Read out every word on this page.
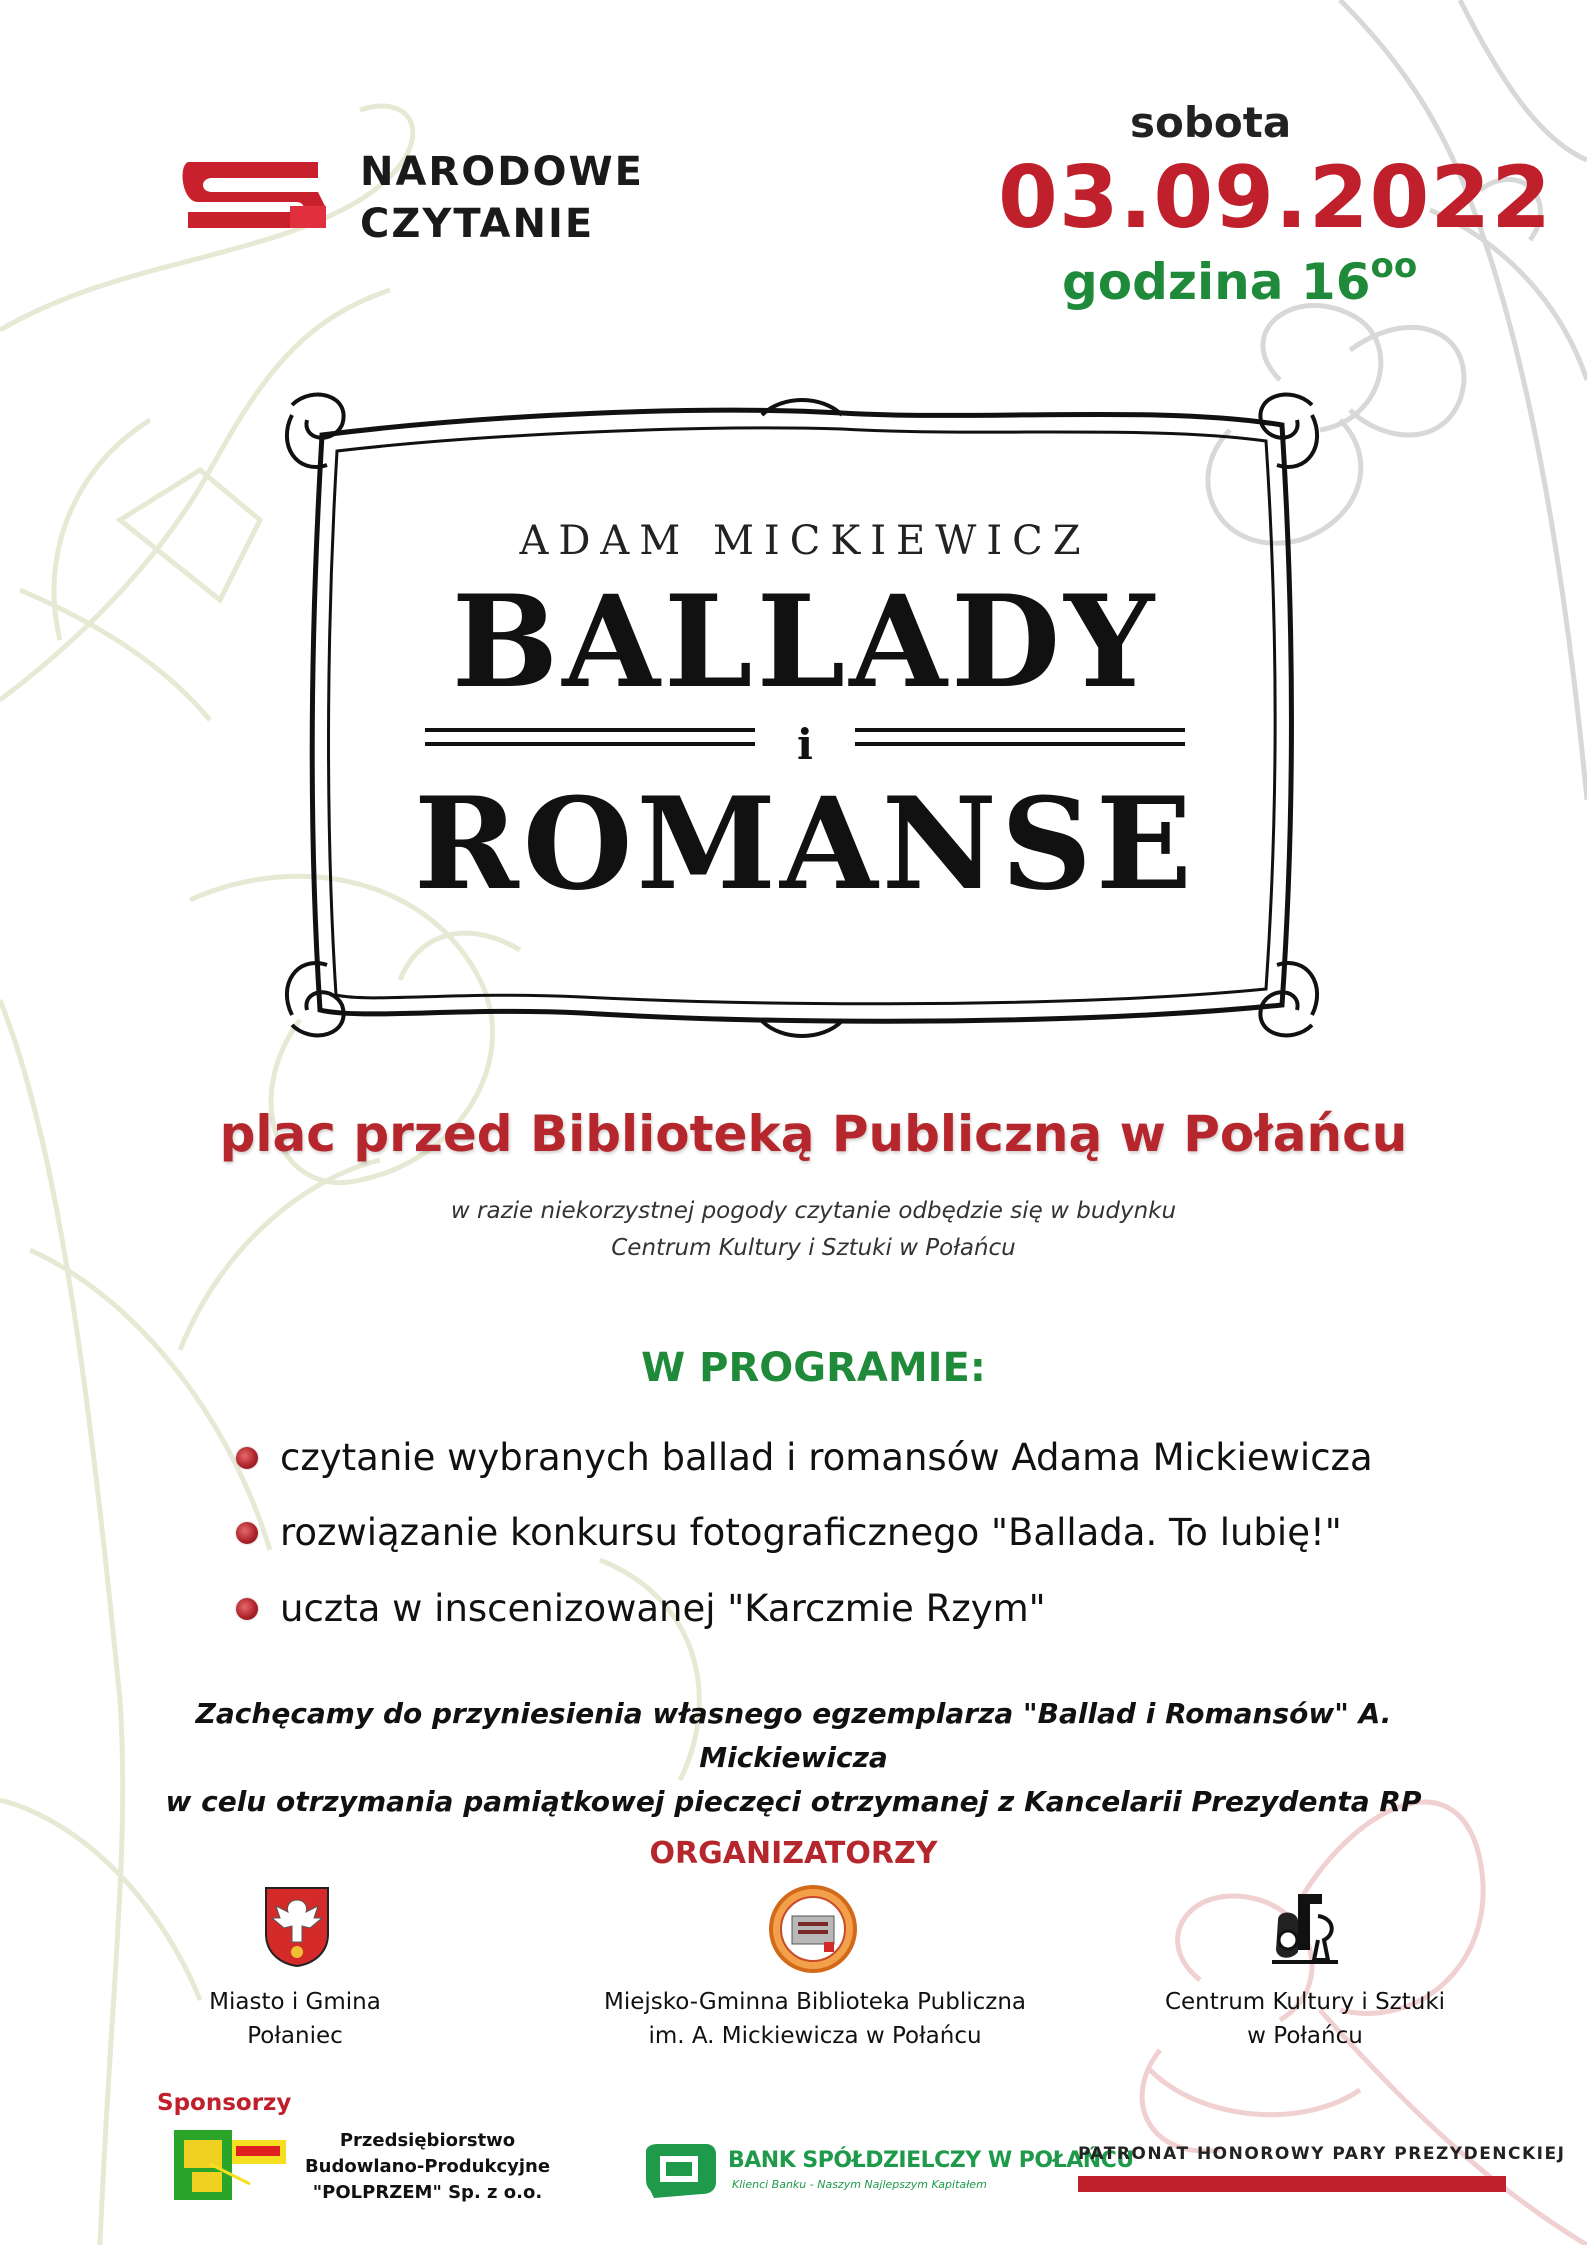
NARODOWE
CZYTANIE
sobota
03.09.2022
godzina $16^{oo}$
ADAM MICKIEWICZ
BALLADY
i
ROMANSE
plac przed Biblioteką Publiczną w Połańcu
w razie niekorzystnej pogody czytanie odbędzie się w budynku
Centrum Kultury i Sztuki w Połańcu
W PROGRAMIE:
czytanie wybranych ballad i romansów Adama Mickiewicza
rozwiązanie konkursu fotograficznego "Ballada. To lubię!"
uczta w inscenizowanej "Karczmie Rzym"
Zachęcamy do przyniesienia własnego egzemplarza "Ballad i Romansów" A. Mickiewicza
w celu otrzymania pamiątkowej pieczęci otrzymanej z Kancelarii Prezydenta RP
ORGANIZATORZY
Miasto i Gmina
Połaniec
Miejsko-Gminna Biblioteka Publiczna
im. A. Mickiewicza w Połańcu
Centrum Kultury i Sztuki
w Połańcu
Sponsorzy
Przedsiębiorstwo
Budowlano-Produkcyjne
"POLPRZEM" Sp. z o.o.
BANK SPÓŁDZIELCZY W POŁAŃCU
Klienci Banku - Naszym Najlepszym Kapitałem
PATRONAT HONOROWY PARY PREZYDENCKIEJ
